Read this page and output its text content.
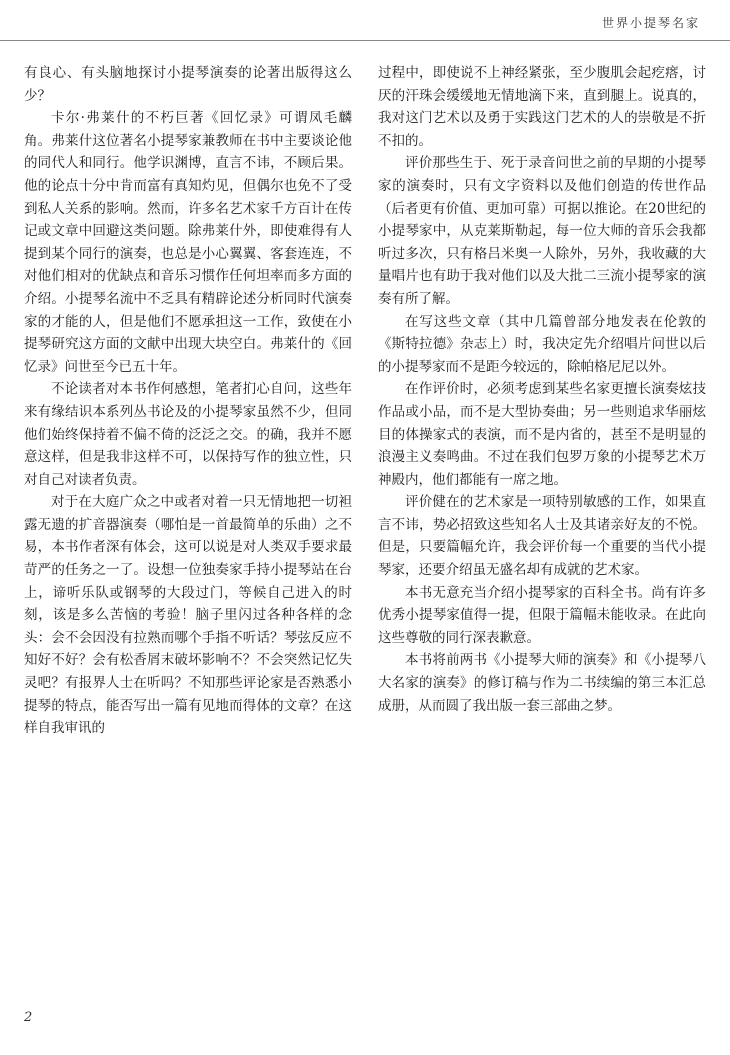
世界小提琴名家

有良心、有头脑地探讨小提琴演奏的论著出版得这么少？

卡尔·弗莱什的不朽巨著《回忆录》可谓凤毛麟角。弗莱什这位著名小提琴家兼教师在书中主要谈论他的同代人和同行。他学识渊博，直言不讳，不顾后果。他的论点十分中肯而富有真知灼见，但偶尔也免不了受到私人关系的影响。然而，许多名艺术家千方百计在传记或文章中回避这类问题。除弗莱什外，即使难得有人提到某个同行的演奏，也总是小心翼翼、客套连连，不对他们相对的优缺点和音乐习惯作任何坦率而多方面的介绍。小提琴名流中不乏具有精辟论述分析同时代演奏家的才能的人，但是他们不愿承担这一工作，致使在小提琴研究这方面的文献中出现大块空白。弗莱什的《回忆录》问世至今已五十年。

不论读者对本书作何感想，笔者扪心自问，这些年来有缘结识本系列丛书论及的小提琴家虽然不少，但同他们始终保持着不偏不倚的泛泛之交。的确，我并不愿意这样，但是我非这样不可，以保持写作的独立性，只对自己对读者负责。

对于在大庭广众之中或者对着一只无情地把一切袒露无遗的扩音器演奏（哪怕是一首最简单的乐曲）之不易，本书作者深有体会，这可以说是对人类双手要求最苛严的任务之一了。设想一位独奏家手持小提琴站在台上，谛听乐队或钢琴的大段过门，等候自己进入的时刻，该是多么苦恼的考验！脑子里闪过各种各样的念头：会不会因没有拉熟而哪个手指不听话？琴弦反应不知好不好？会有松香屑末破坏影响不？不会突然记忆失灵吧？有报界人士在听吗？不知那些评论家是否熟悉小提琴的特点，能否写出一篇有见地而得体的文章？在这样自我审讯的

过程中，即使说不上神经紧张，至少腹肌会起疙瘩，讨厌的汗珠会缓缓地无情地滴下来，直到腿上。说真的，我对这门艺术以及勇于实践这门艺术的人的崇敬是不折不扣的。

评价那些生于、死于录音问世之前的早期的小提琴家的演奏时，只有文字资料以及他们创造的传世作品（后者更有价值、更加可靠）可据以推论。在20世纪的小提琴家中，从克莱斯勒起，每一位大师的音乐会我都听过多次，只有格吕米奥一人除外，另外，我收藏的大量唱片也有助于我对他们以及大批二三流小提琴家的演奏有所了解。

在写这些文章（其中几篇曾部分地发表在伦敦的《斯特拉德》杂志上）时，我决定先介绍唱片问世以后的小提琴家而不是距今较远的，除帕格尼尼以外。

在作评价时，必须考虑到某些名家更擅长演奏炫技作品或小品，而不是大型协奏曲；另一些则追求华丽炫目的体操家式的表演，而不是内省的，甚至不是明显的浪漫主义奏鸣曲。不过在我们包罗万象的小提琴艺术万神殿内，他们都能有一席之地。

评价健在的艺术家是一项特别敏感的工作，如果直言不讳，势必招致这些知名人士及其诸亲好友的不悦。但是，只要篇幅允许，我会评价每一个重要的当代小提琴家，还要介绍虽无盛名却有成就的艺术家。

本书无意充当介绍小提琴家的百科全书。尚有许多优秀小提琴家值得一提，但限于篇幅未能收录。在此向这些尊敬的同行深表歉意。

本书将前两书《小提琴大师的演奏》和《小提琴八大名家的演奏》的修订稿与作为二书续编的第三本汇总成册，从而圆了我出版一套三部曲之梦。

2
